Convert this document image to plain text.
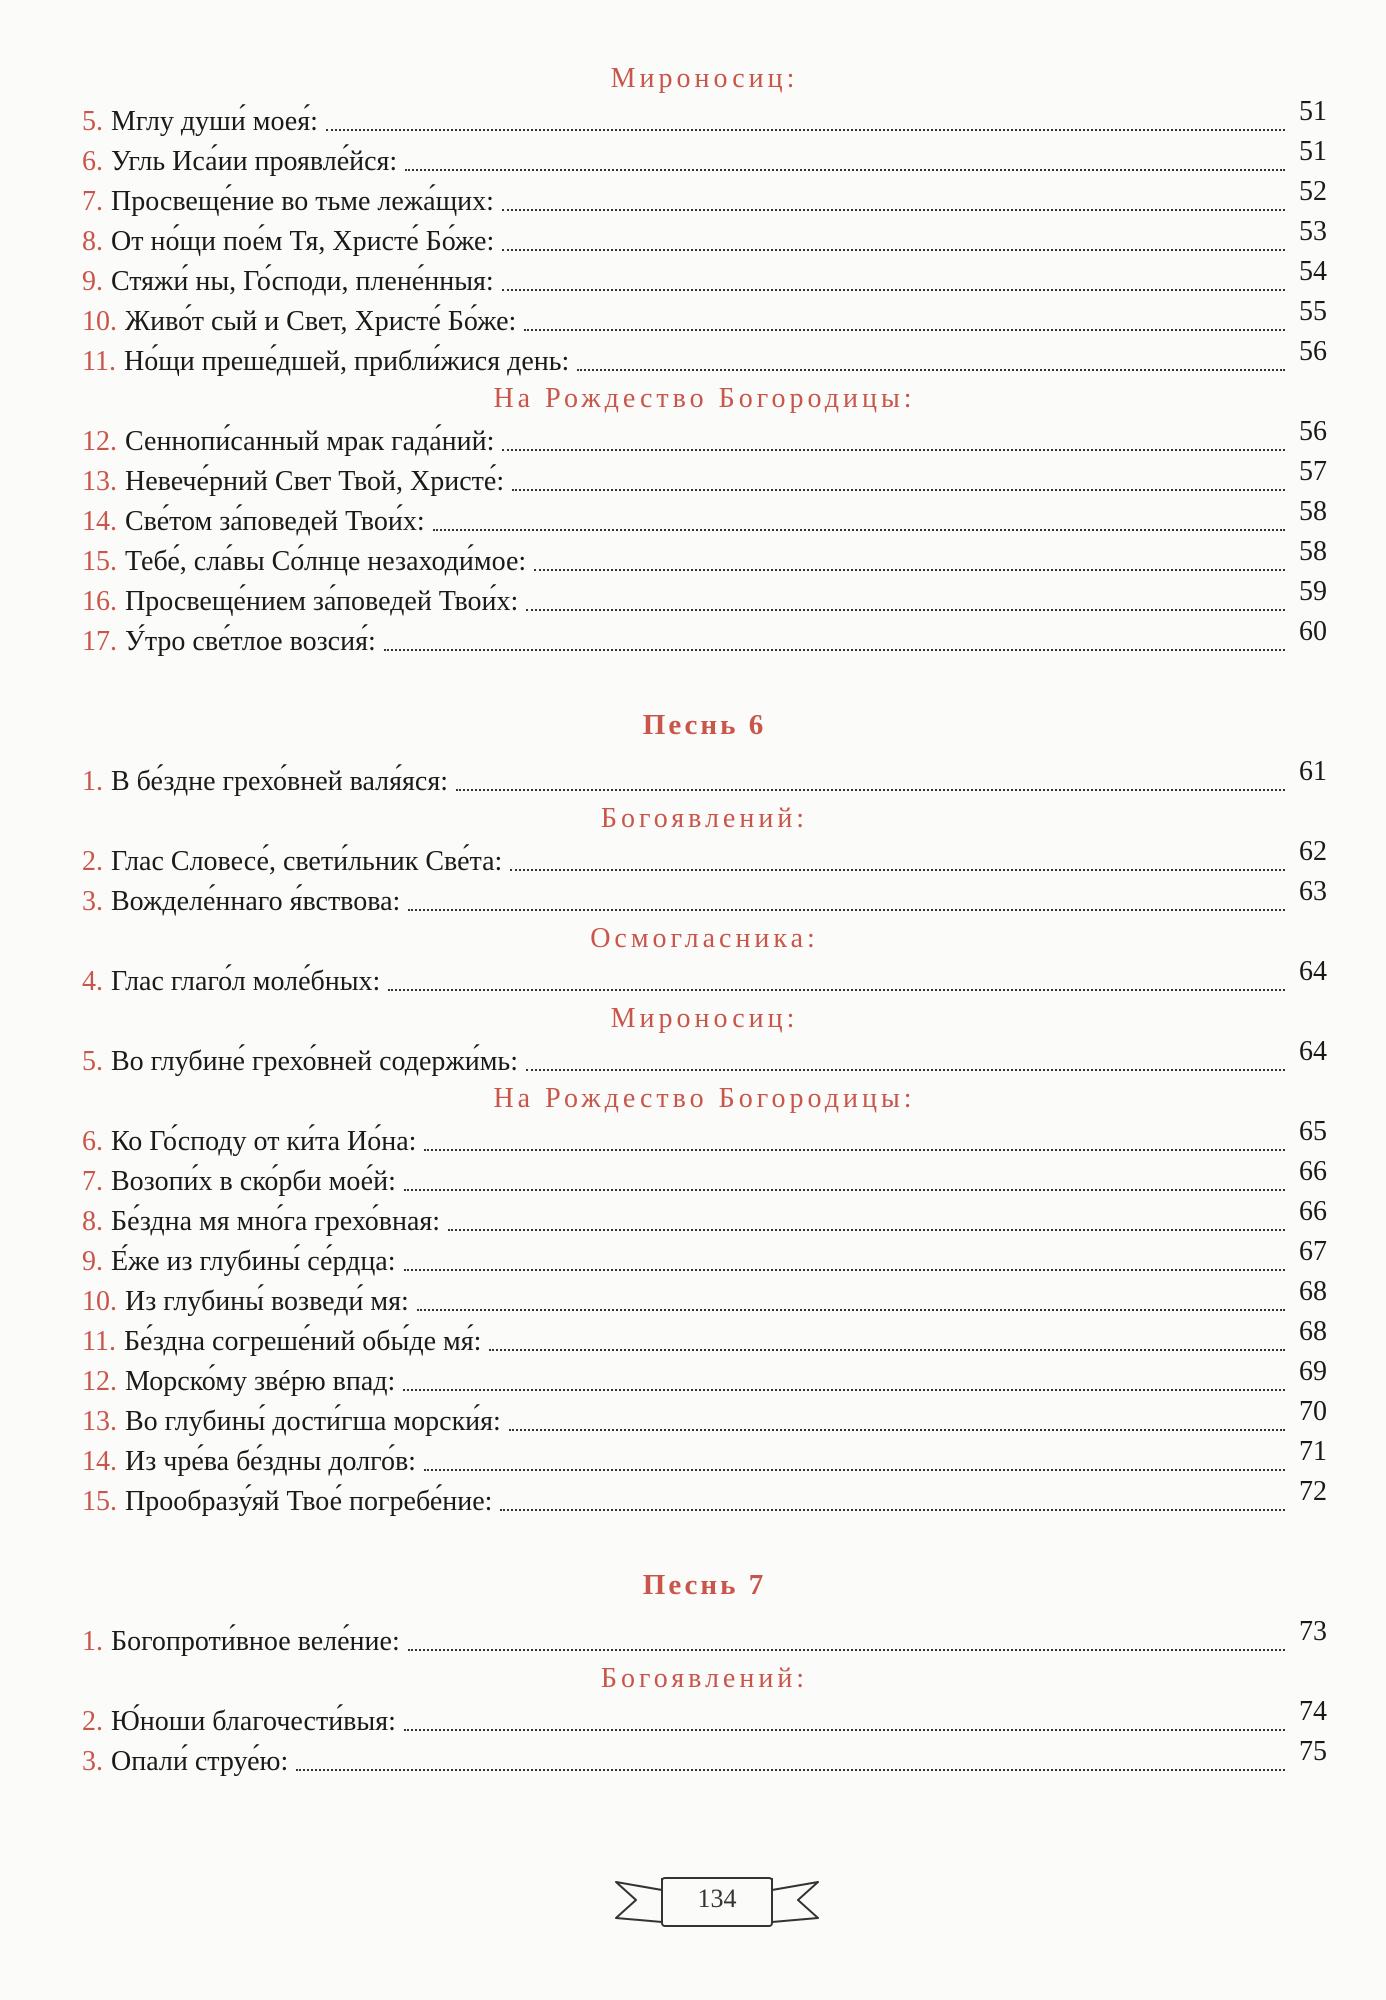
Мироносиц:
5. Мглу души́ моея́:	51
6. Угль Иса́ии проявле́йся:	51
7. Просвеще́ние во тьме лежа́щих:	52
8. От но́щи пое́м Тя, Христе́ Бо́же:	53
9. Стяжи́ ны, Го́споди, плене́нныя:	54
10. Живо́т сый и Свет, Христе́ Бо́же:	55
11. Но́щи преше́дшей, прибли́жися день:	56
На Рождество Богородицы:
12. Сеннопи́санный мрак гада́ний:	56
13. Невече́рний Свет Твой, Христе́:	57
14. Све́том за́поведей Твои́х:	58
15. Тебе́, сла́вы Со́лнце незаходи́мое:	58
16. Просвеще́нием за́поведей Твои́х:	59
17. У́тро све́тлое возсия́:	60
Песнь 6
1. В бе́здне грехо́вней валя́яся:	61
Богоявлений:
2. Глас Словесе́, свети́льник Све́та:	62
3. Вожделе́ннаго я́вствова:	63
Осмогласника:
4. Глас глаго́л моле́бных:	64
Мироносиц:
5. Во глубине́ грехо́вней содержи́мь:	64
На Рождество Богородицы:
6. Ко Го́споду от ки́та Ио́на:	65
7. Возопи́х в ско́рби мое́й:	66
8. Бе́здна мя мно́га грехо́вная:	66
9. Е́же из глубины́ се́рдца:	67
10. Из глубины́ возведи́ мя:	68
11. Бе́здна согреше́ний обы́де мя́:	68
12. Морско́му звéрю впад:	69
13. Во глубины́ дости́гша морски́я:	70
14. Из чре́ва бе́здны долго́в:	71
15. Прообразу́яй Твое́ погребе́ние:	72
Песнь 7
1. Богопроти́вное веле́ние:	73
Богоявлений:
2. Ю́ноши благочести́выя:	74
3. Опали́ струе́ю:	75
134
